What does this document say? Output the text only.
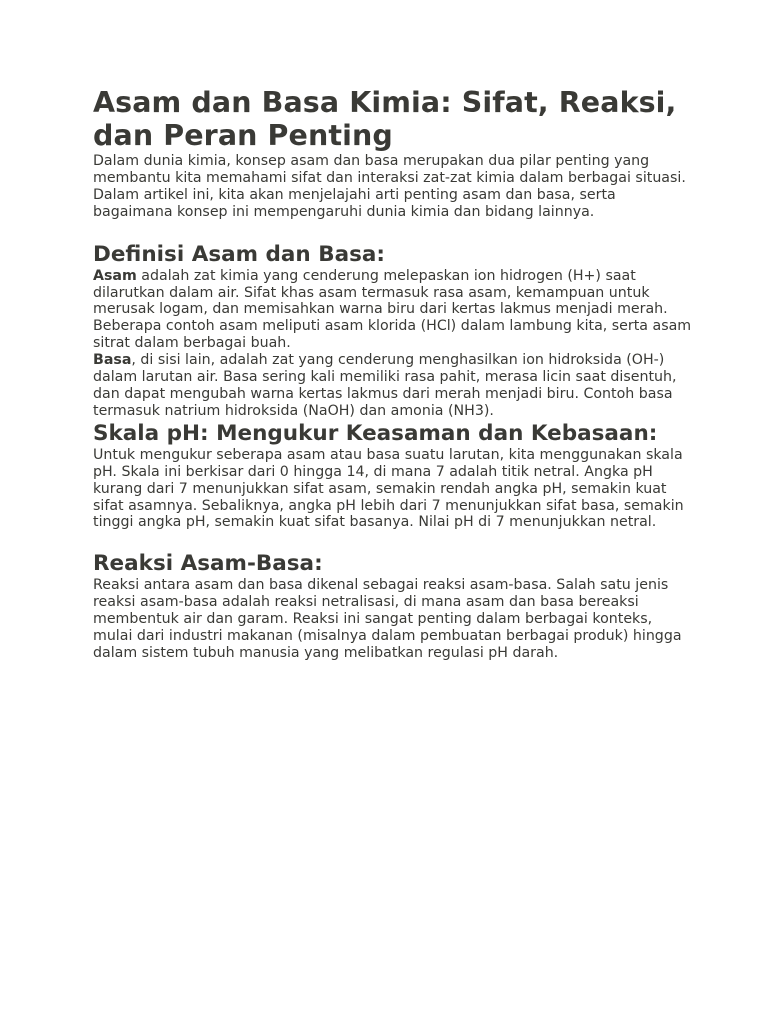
Asam dan Basa Kimia: Sifat, Reaksi, dan Peran Penting

Dalam dunia kimia, konsep asam dan basa merupakan dua pilar penting yang membantu kita memahami sifat dan interaksi zat-zat kimia dalam berbagai situasi. Dalam artikel ini, kita akan menjelajahi arti penting asam dan basa, serta bagaimana konsep ini mempengaruhi dunia kimia dan bidang lainnya.

Definisi Asam dan Basa:

Asam adalah zat kimia yang cenderung melepaskan ion hidrogen (H+) saat dilarutkan dalam air. Sifat khas asam termasuk rasa asam, kemampuan untuk merusak logam, dan memisahkan warna biru dari kertas lakmus menjadi merah. Beberapa contoh asam meliputi asam klorida (HCl) dalam lambung kita, serta asam sitrat dalam berbagai buah.

Basa, di sisi lain, adalah zat yang cenderung menghasilkan ion hidroksida (OH-) dalam larutan air. Basa sering kali memiliki rasa pahit, merasa licin saat disentuh, dan dapat mengubah warna kertas lakmus dari merah menjadi biru. Contoh basa termasuk natrium hidroksida (NaOH) dan amonia (NH3).

Skala pH: Mengukur Keasaman dan Kebasaan:

Untuk mengukur seberapa asam atau basa suatu larutan, kita menggunakan skala pH. Skala ini berkisar dari 0 hingga 14, di mana 7 adalah titik netral. Angka pH kurang dari 7 menunjukkan sifat asam, semakin rendah angka pH, semakin kuat sifat asamnya. Sebaliknya, angka pH lebih dari 7 menunjukkan sifat basa, semakin tinggi angka pH, semakin kuat sifat basanya. Nilai pH di 7 menunjukkan netral.

Reaksi Asam-Basa:

Reaksi antara asam dan basa dikenal sebagai reaksi asam-basa. Salah satu jenis reaksi asam-basa adalah reaksi netralisasi, di mana asam dan basa bereaksi membentuk air dan garam. Reaksi ini sangat penting dalam berbagai konteks, mulai dari industri makanan (misalnya dalam pembuatan berbagai produk) hingga dalam sistem tubuh manusia yang melibatkan regulasi pH darah.
